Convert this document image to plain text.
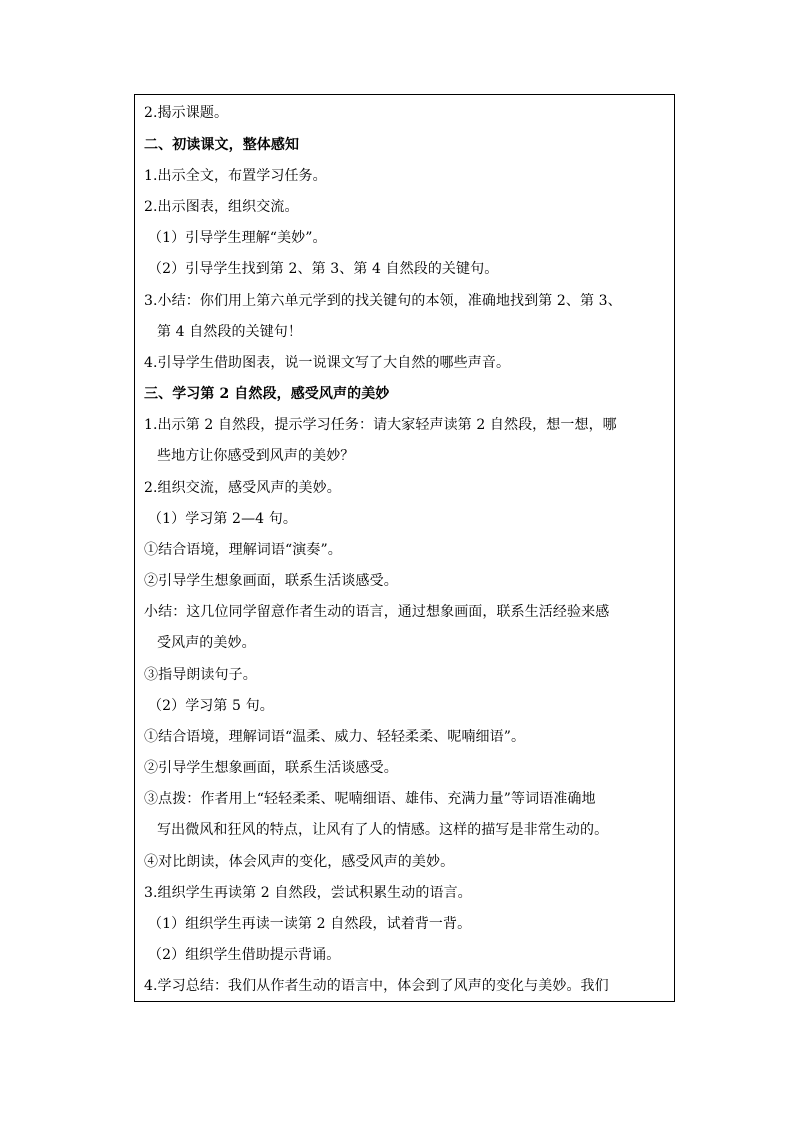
2.揭示课题。
二、初读课文，整体感知
1.出示全文，布置学习任务。
2.出示图表，组织交流。
（1）引导学生理解“美妙”。
（2）引导学生找到第 2、第 3、第 4 自然段的关键句。
3.小结：你们用上第六单元学到的找关键句的本领，准确地找到第 2、第 3、
第 4 自然段的关键句！
4.引导学生借助图表，说一说课文写了大自然的哪些声音。
三、学习第 2 自然段，感受风声的美妙
1.出示第 2 自然段，提示学习任务：请大家轻声读第 2 自然段，想一想，哪
些地方让你感受到风声的美妙？
2.组织交流，感受风声的美妙。
（1）学习第 2—4 句。
①结合语境，理解词语“演奏”。
②引导学生想象画面，联系生活谈感受。
小结：这几位同学留意作者生动的语言，通过想象画面，联系生活经验来感
受风声的美妙。
③指导朗读句子。
（2）学习第 5 句。
①结合语境，理解词语“温柔、威力、轻轻柔柔、呢喃细语”。
②引导学生想象画面，联系生活谈感受。
③点拨：作者用上“轻轻柔柔、呢喃细语、雄伟、充满力量”等词语准确地
写出微风和狂风的特点，让风有了人的情感。这样的描写是非常生动的。
④对比朗读，体会风声的变化，感受风声的美妙。
3.组织学生再读第 2 自然段，尝试积累生动的语言。
（1）组织学生再读一读第 2 自然段，试着背一背。
（2）组织学生借助提示背诵。
4.学习总结：我们从作者生动的语言中，体会到了风声的变化与美妙。我们
